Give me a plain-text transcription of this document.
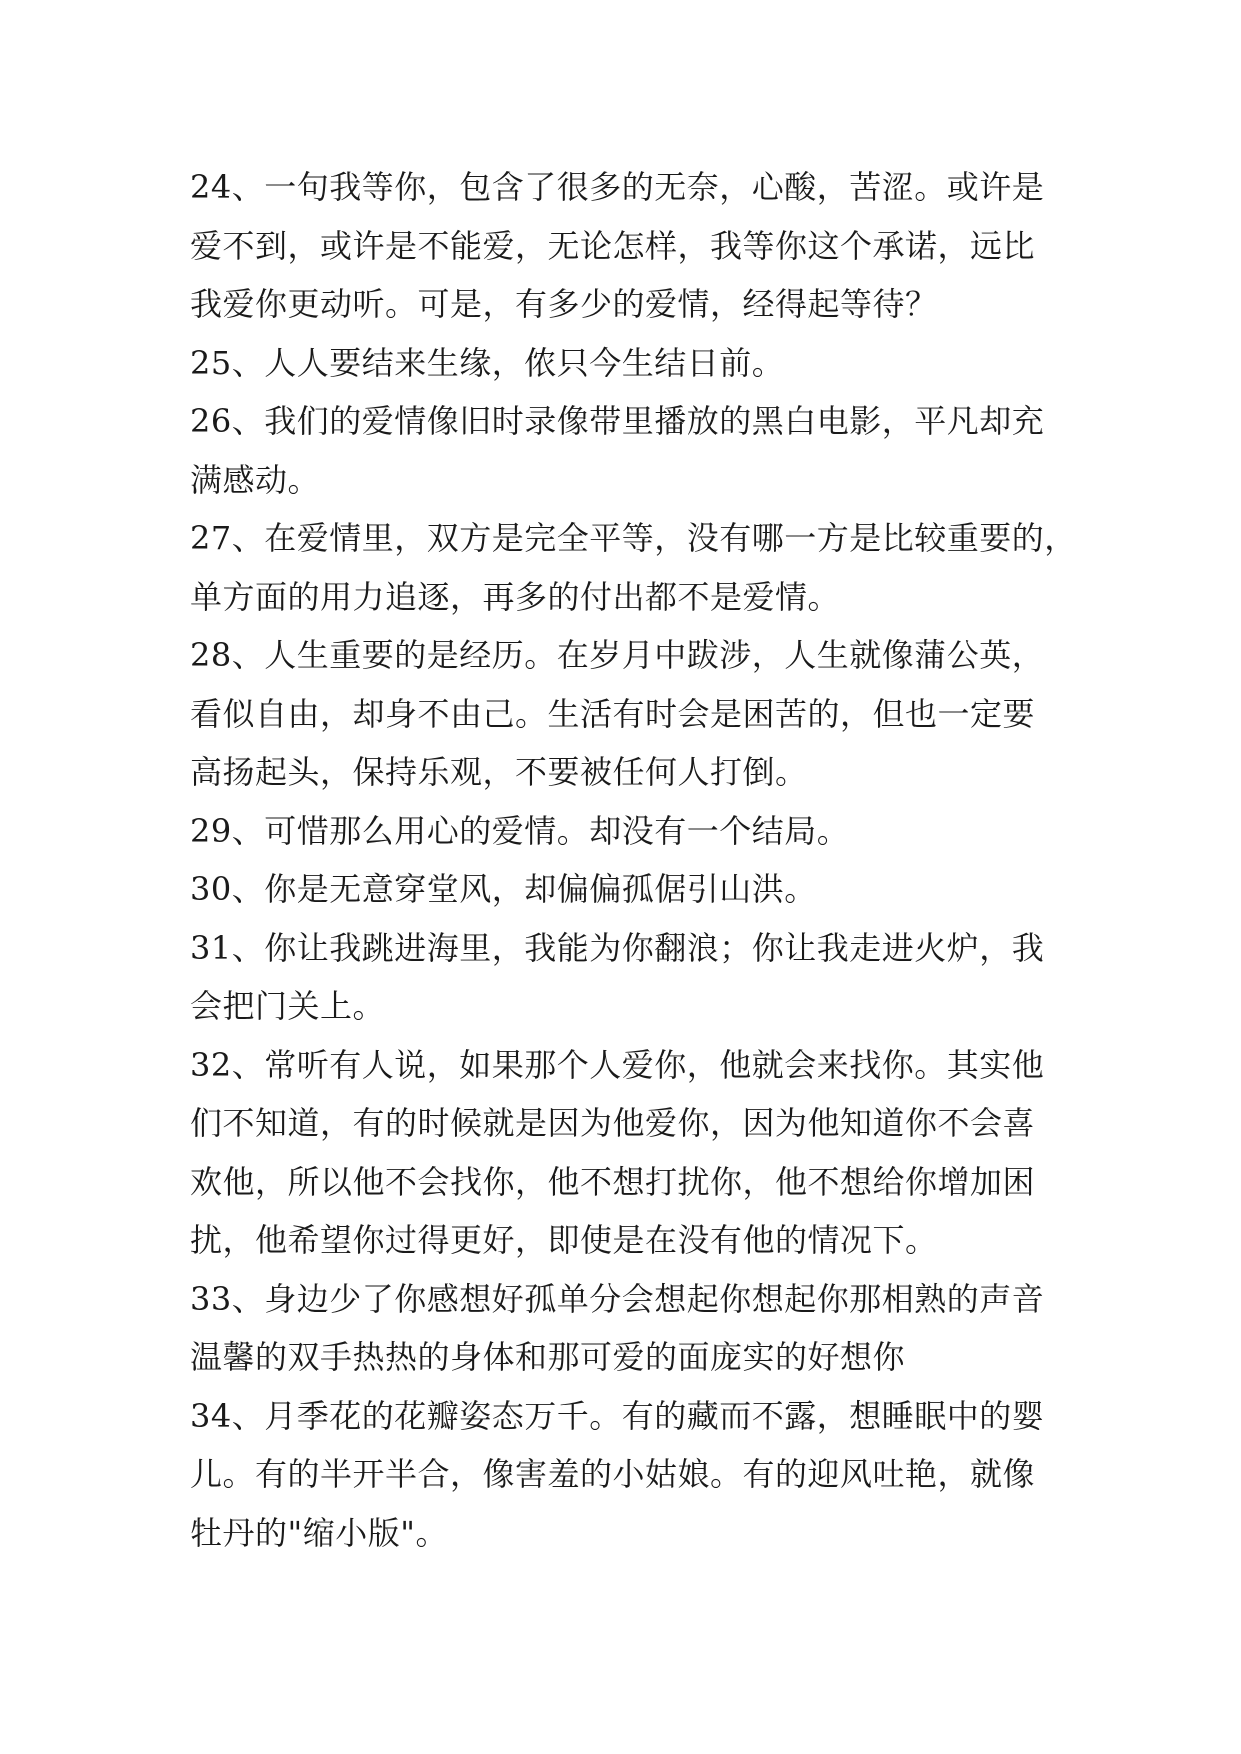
24、一句我等你，包含了很多的无奈，心酸，苦涩。或许是
爱不到，或许是不能爱，无论怎样，我等你这个承诺，远比
我爱你更动听。可是，有多少的爱情，经得起等待？
25、人人要结来生缘，侬只今生结日前。
26、我们的爱情像旧时录像带里播放的黑白电影，平凡却充
满感动。
27、在爱情里，双方是完全平等，没有哪一方是比较重要的，
单方面的用力追逐，再多的付出都不是爱情。
28、人生重要的是经历。在岁月中跋涉，人生就像蒲公英，
看似自由，却身不由己。生活有时会是困苦的，但也一定要
高扬起头，保持乐观，不要被任何人打倒。
29、可惜那么用心的爱情。却没有一个结局。
30、你是无意穿堂风，却偏偏孤倨引山洪。
31、你让我跳进海里，我能为你翻浪；你让我走进火炉，我
会把门关上。
32、常听有人说，如果那个人爱你，他就会来找你。其实他
们不知道，有的时候就是因为他爱你，因为他知道你不会喜
欢他，所以他不会找你，他不想打扰你，他不想给你增加困
扰，他希望你过得更好，即使是在没有他的情况下。
33、身边少了你感想好孤单分会想起你想起你那相熟的声音
温馨的双手热热的身体和那可爱的面庞实的好想你
34、月季花的花瓣姿态万千。有的藏而不露，想睡眠中的婴
儿。有的半开半合，像害羞的小姑娘。有的迎风吐艳，就像
牡丹的"缩小版"。
